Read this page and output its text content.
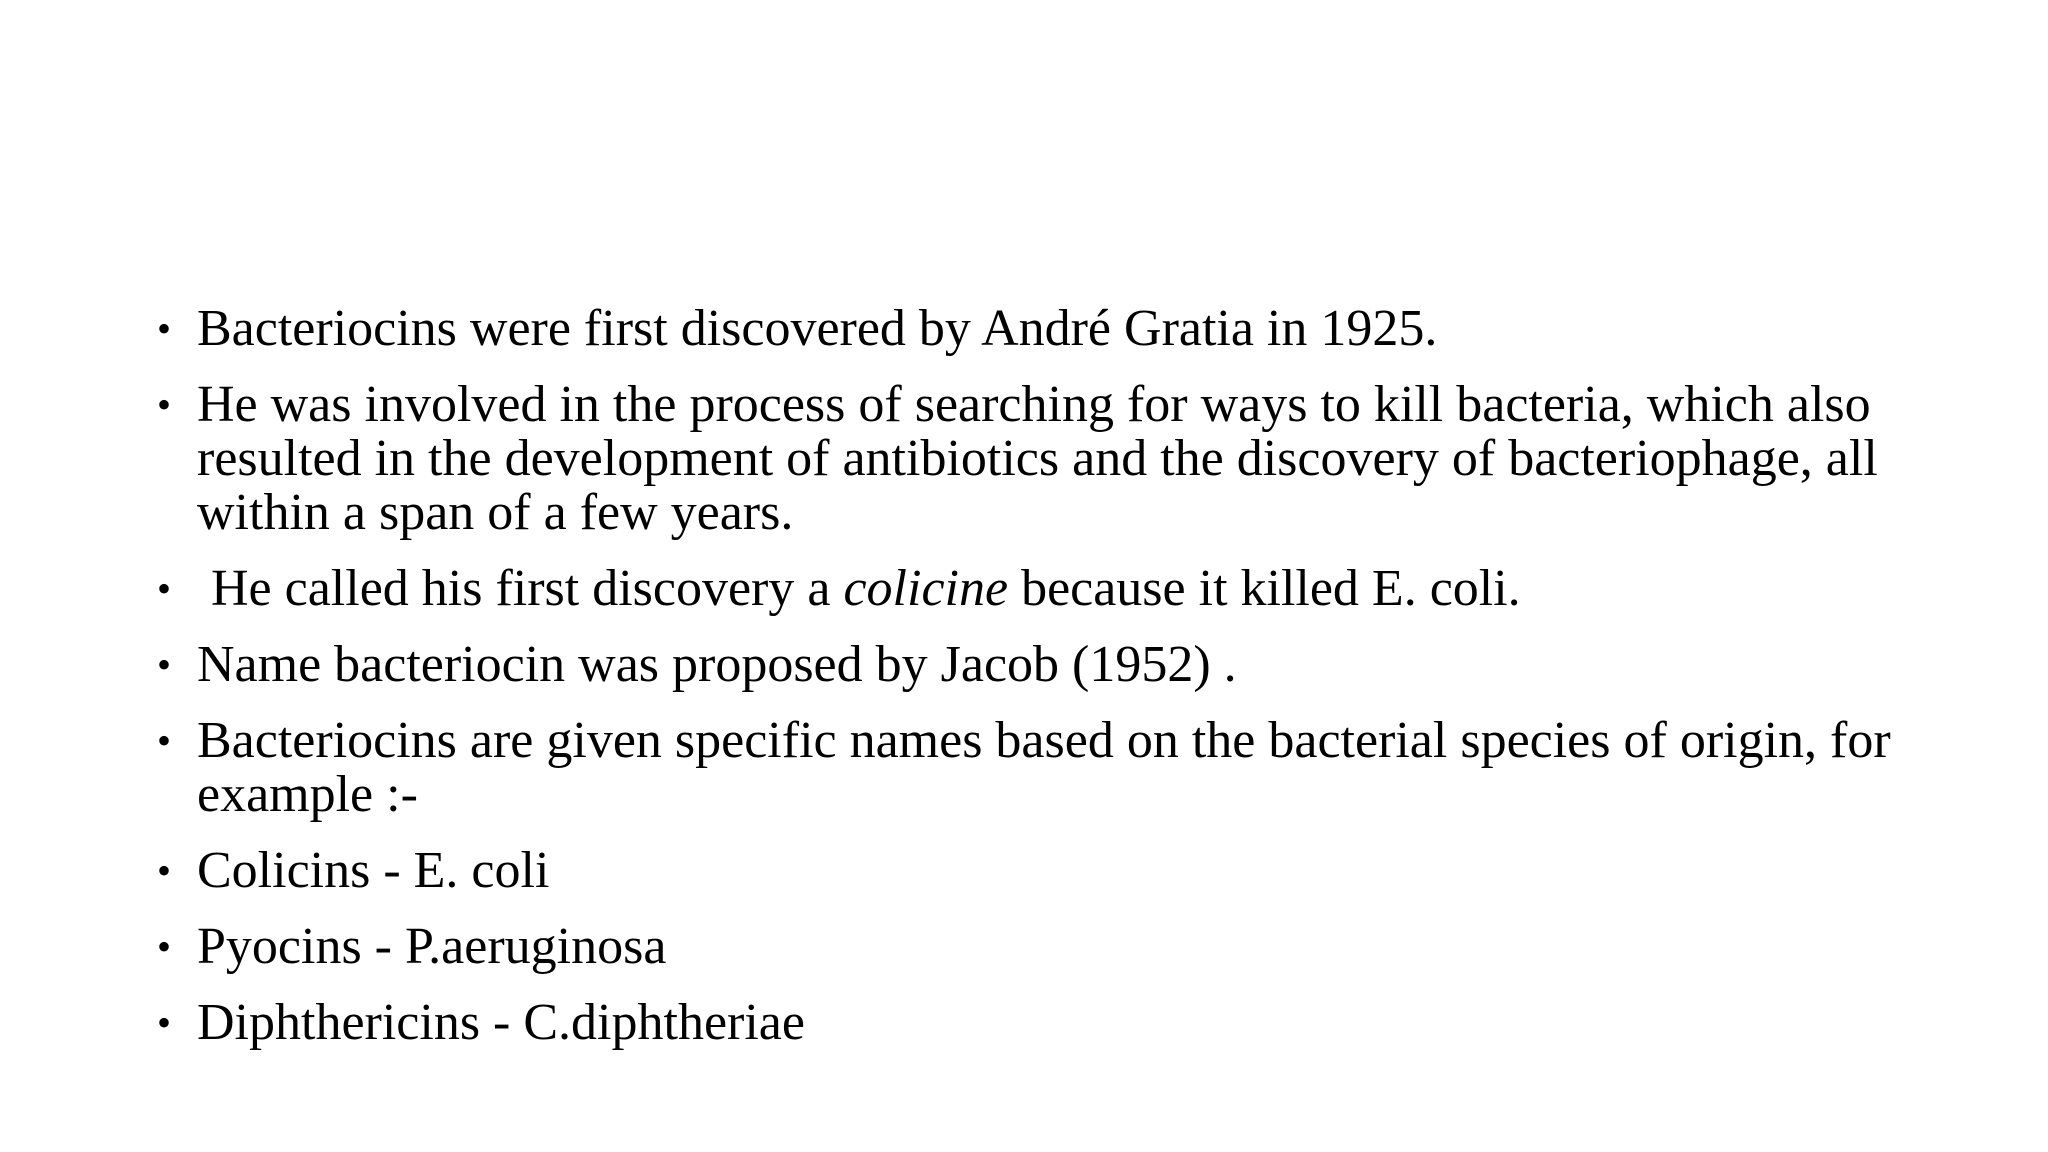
• Bacteriocins were first discovered by André Gratia in 1925.
• He was involved in the process of searching for ways to kill bacteria, which also resulted in the development of antibiotics and the discovery of bacteriophage, all within a span of a few years.
• He called his first discovery a colicine because it killed E. coli.
• Name bacteriocin was proposed by Jacob (1952) .
• Bacteriocins are given specific names based on the bacterial species of origin, for example :-
• Colicins - E. coli
• Pyocins - P.aeruginosa
• Diphthericins - C.diphtheriae
